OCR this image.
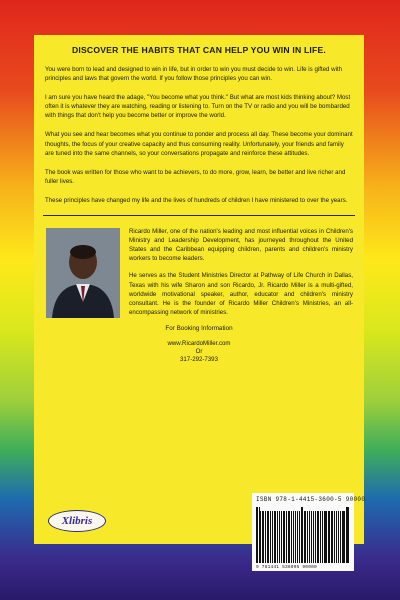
DISCOVER THE HABITS THAT CAN HELP YOU WIN IN LIFE.

You were born to lead and designed to win in life, but in order to win you must decide to win. Life is gifted with principles and laws that govern the world. If you follow those principles you can win.

I am sure you have heard the adage, "You become what you think." But what are most kids thinking about? Most often it is whatever they are watching, reading or listening to. Turn on the TV or radio and you will be bombarded with things that don't help you become better or improve the world.

What you see and hear becomes what you continue to ponder and process all day. These become your dominant thoughts, the focus of your creative capacity and thus consuming reality. Unfortunately, your friends and family are tuned into the same channels, so your conversations propagate and reinforce these attitudes.

The book was written for those who want to be achievers, to do more, grow, learn, be better and live richer and fuller lives.

These principles have changed my life and the lives of hundreds of children I have ministered to over the years.

Ricardo Miller, one of the nation's leading and most influential voices in Children's Ministry and Leadership Development, has journeyed throughout the United States and the Caribbean equipping children, parents and children's ministry workers to become leaders.

He serves as the Student Ministries Director at Pathway of Life Church in Dallas, Texas with his wife Sharon and son Ricardo, Jr. Ricardo Miller is a multi-gifted, worldwide motivational speaker, author, educator and children's ministry consultant. He is the founder of Ricardo Miller Children's Ministries, an all-encompassing network of ministries.

For Booking Information
www.RicardoMiller.com
Or
317-292-7393
ISBN 978-1-4415-3600-5 90000
9 781441 536005 90000
Xlibris
